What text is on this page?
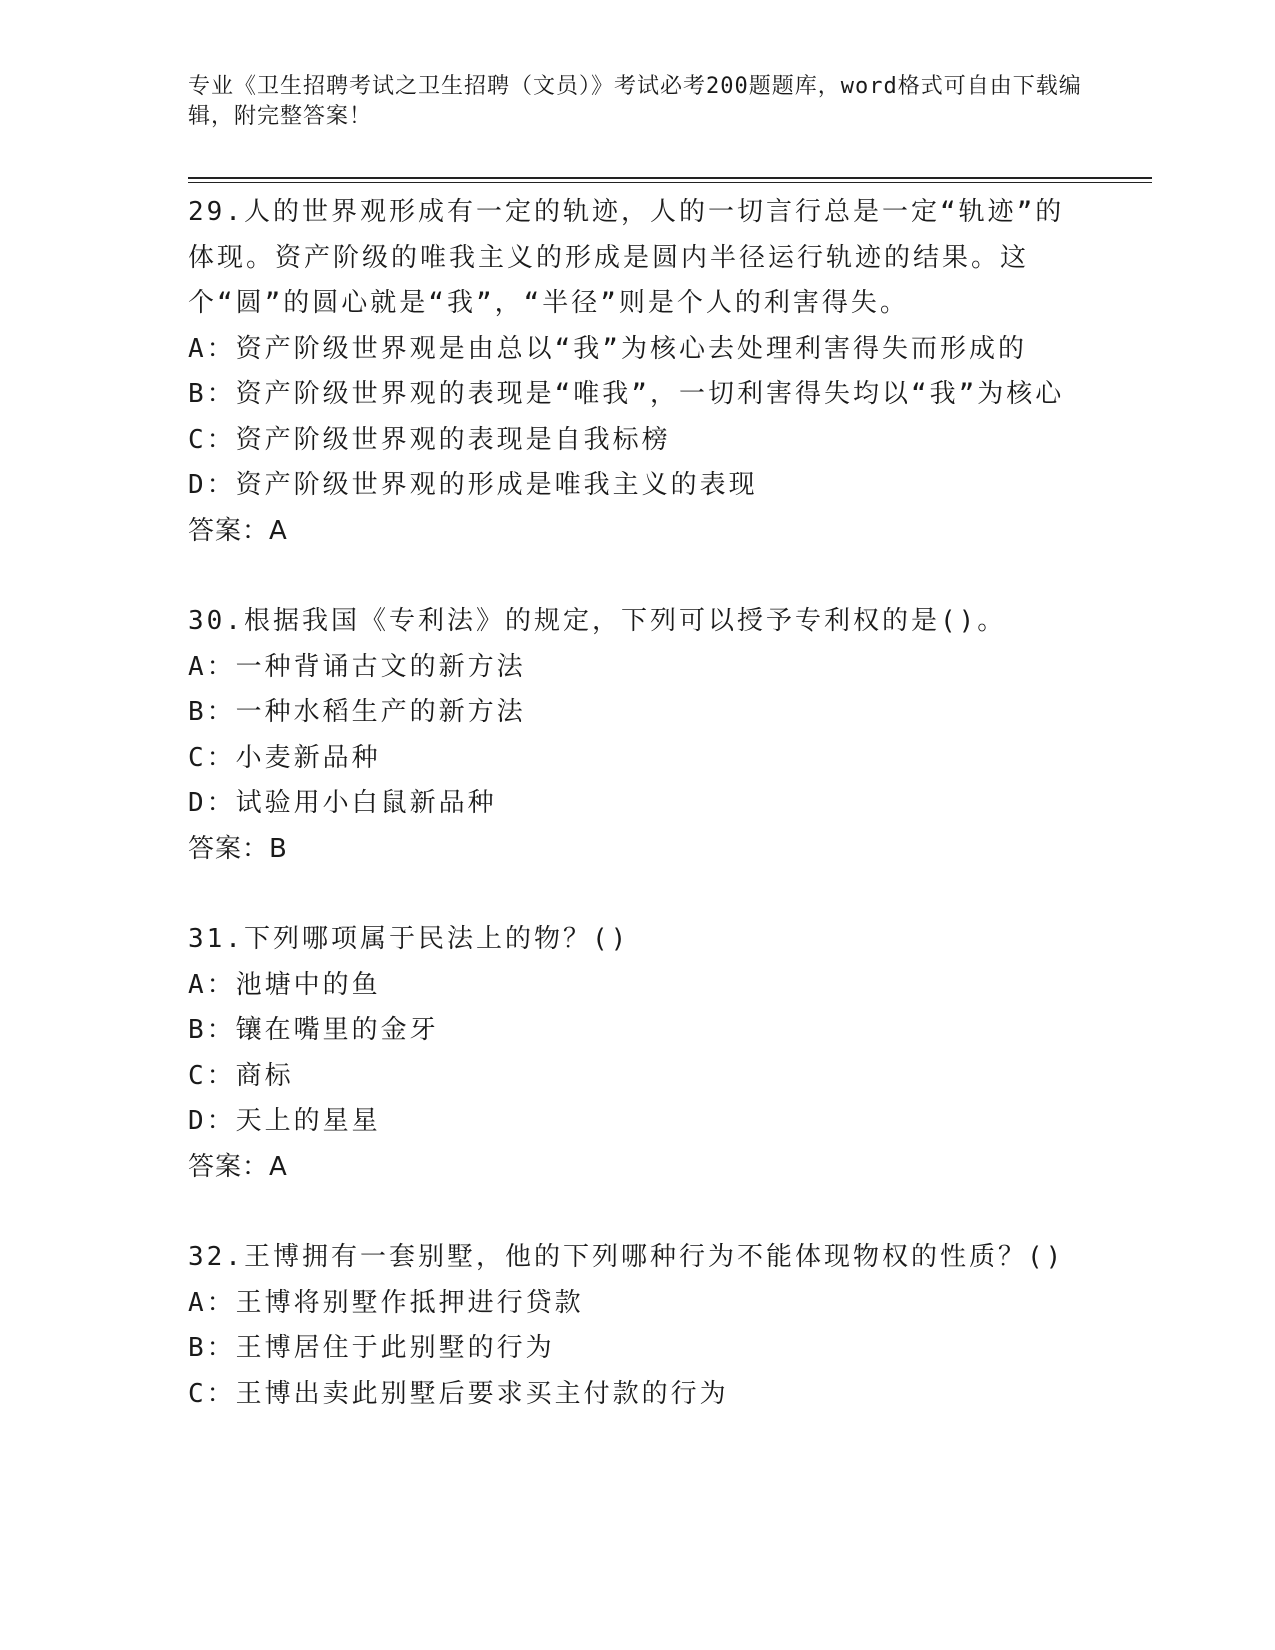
专业《卫生招聘考试之卫生招聘（文员）》考试必考200题题库，word格式可自由下载编辑，附完整答案！

29.人的世界观形成有一定的轨迹，人的一切言行总是一定“轨迹”的体现。资产阶级的唯我主义的形成是圆内半径运行轨迹的结果。这个“圆”的圆心就是“我”，“半径”则是个人的利害得失。

A：资产阶级世界观是由总以“我”为核心去处理利害得失而形成的

B：资产阶级世界观的表现是“唯我”，一切利害得失均以“我”为核心

C：资产阶级世界观的表现是自我标榜

D：资产阶级世界观的形成是唯我主义的表现

答案：A

30.根据我国《专利法》的规定，下列可以授予专利权的是()。

A：一种背诵古文的新方法

B：一种水稻生产的新方法

C：小麦新品种

D：试验用小白鼠新品种

答案：B

31.下列哪项属于民法上的物？()

A：池塘中的鱼

B：镶在嘴里的金牙

C：商标

D：天上的星星

答案：A

32.王博拥有一套别墅，他的下列哪种行为不能体现物权的性质？()

A：王博将别墅作抵押进行贷款

B：王博居住于此别墅的行为

C：王博出卖此别墅后要求买主付款的行为
